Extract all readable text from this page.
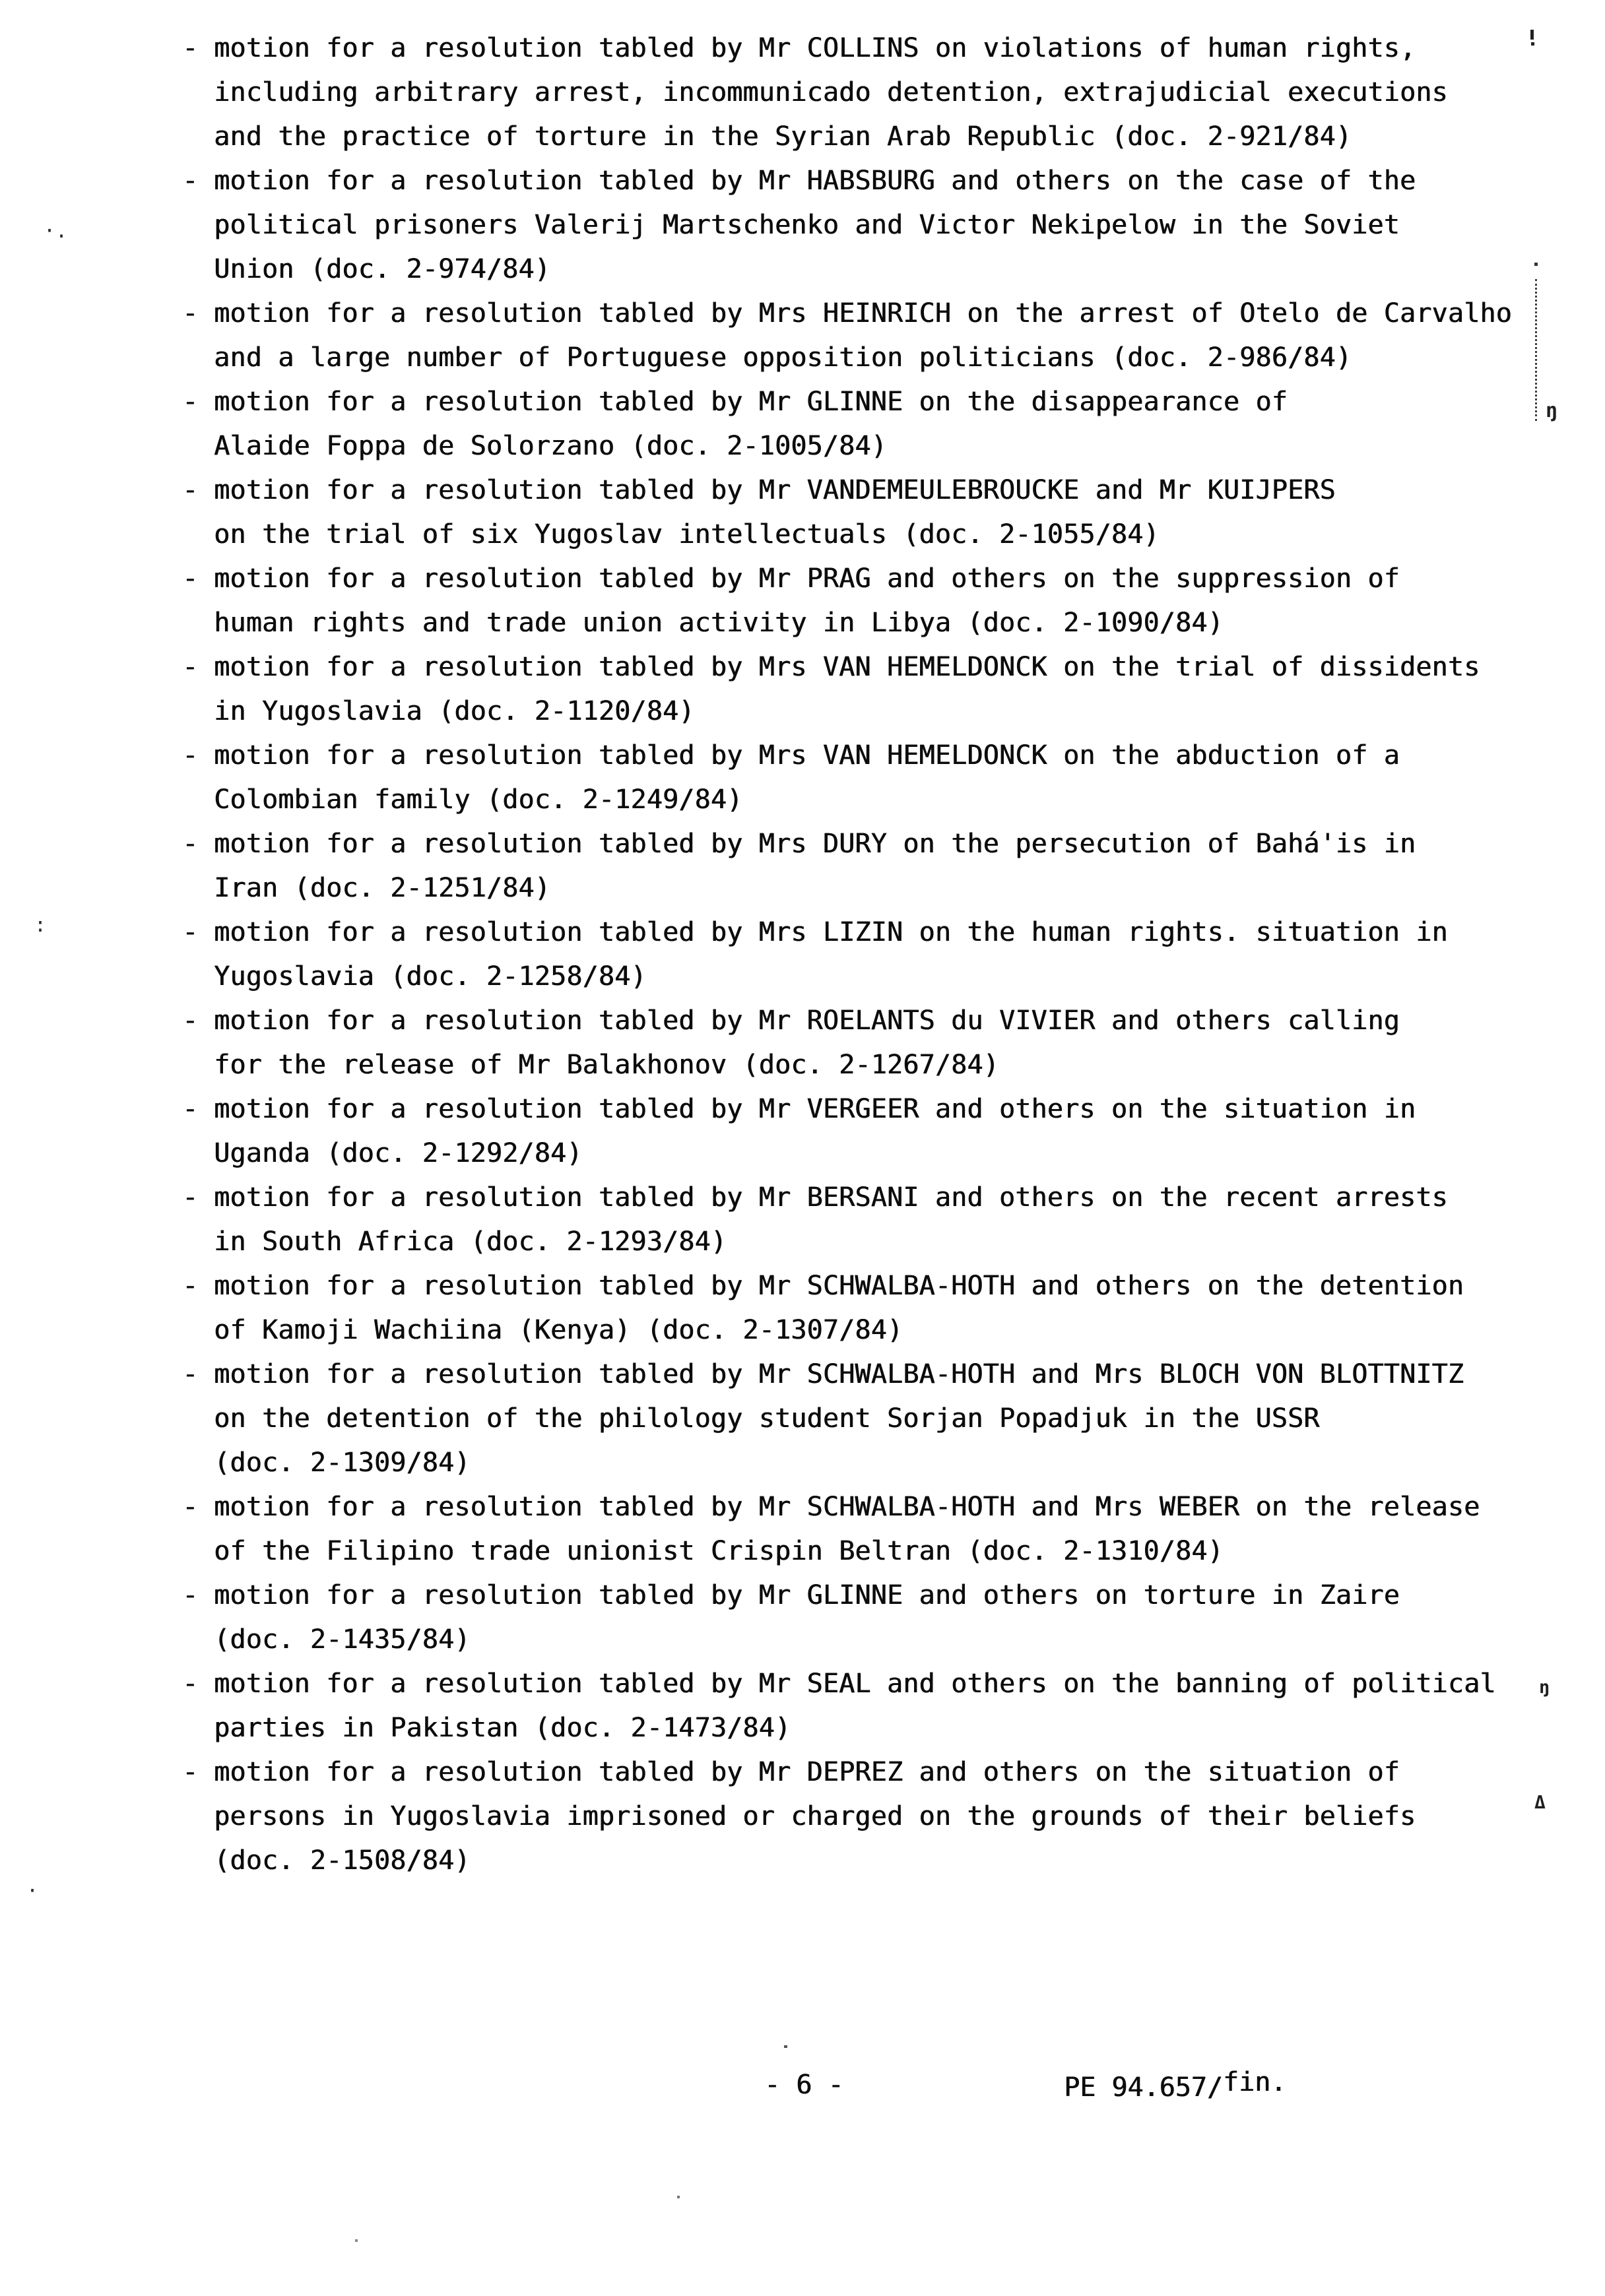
- motion for a resolution tabled by Mr COLLINS on violations of human rights,
including arbitrary arrest, incommunicado detention, extrajudicial executions
and the practice of torture in the Syrian Arab Republic (doc. 2-921/84)
- motion for a resolution tabled by Mr HABSBURG and others on the case of the
political prisoners Valerij Martschenko and Victor Nekipelow in the Soviet
Union (doc. 2-974/84)
- motion for a resolution tabled by Mrs HEINRICH on the arrest of Otelo de Carvalho
and a large number of Portuguese opposition politicians (doc. 2-986/84)
- motion for a resolution tabled by Mr GLINNE on the disappearance of
Alaide Foppa de Solorzano (doc. 2-1005/84)
- motion for a resolution tabled by Mr VANDEMEULEBROUCKE and Mr KUIJPERS
on the trial of six Yugoslav intellectuals (doc. 2-1055/84)
- motion for a resolution tabled by Mr PRAG and others on the suppression of
human rights and trade union activity in Libya (doc. 2-1090/84)
- motion for a resolution tabled by Mrs VAN HEMELDONCK on the trial of dissidents
in Yugoslavia (doc. 2-1120/84)
- motion for a resolution tabled by Mrs VAN HEMELDONCK on the abduction of a
Colombian family (doc. 2-1249/84)
- motion for a resolution tabled by Mrs DURY on the persecution of Bahá'is in
Iran (doc. 2-1251/84)
- motion for a resolution tabled by Mrs LIZIN on the human rights. situation in
Yugoslavia (doc. 2-1258/84)
- motion for a resolution tabled by Mr ROELANTS du VIVIER and others calling
for the release of Mr Balakhonov (doc. 2-1267/84)
- motion for a resolution tabled by Mr VERGEER and others on the situation in
Uganda (doc. 2-1292/84)
- motion for a resolution tabled by Mr BERSANI and others on the recent arrests
in South Africa (doc. 2-1293/84)
- motion for a resolution tabled by Mr SCHWALBA-HOTH and others on the detention
of Kamoji Wachiina (Kenya) (doc. 2-1307/84)
- motion for a resolution tabled by Mr SCHWALBA-HOTH and Mrs BLOCH VON BLOTTNITZ
on the detention of the philology student Sorjan Popadjuk in the USSR
(doc. 2-1309/84)
- motion for a resolution tabled by Mr SCHWALBA-HOTH and Mrs WEBER on the release
of the Filipino trade unionist Crispin Beltran (doc. 2-1310/84)
- motion for a resolution tabled by Mr GLINNE and others on torture in Zaire
(doc. 2-1435/84)
- motion for a resolution tabled by Mr SEAL and others on the banning of political
parties in Pakistan (doc. 2-1473/84)
- motion for a resolution tabled by Mr DEPREZ and others on the situation of
persons in Yugoslavia imprisoned or charged on the grounds of their beliefs
(doc. 2-1508/84)
- 6 -	PE 94.657/fin.
ŋ
ŋ
Δ
·.
:
·
